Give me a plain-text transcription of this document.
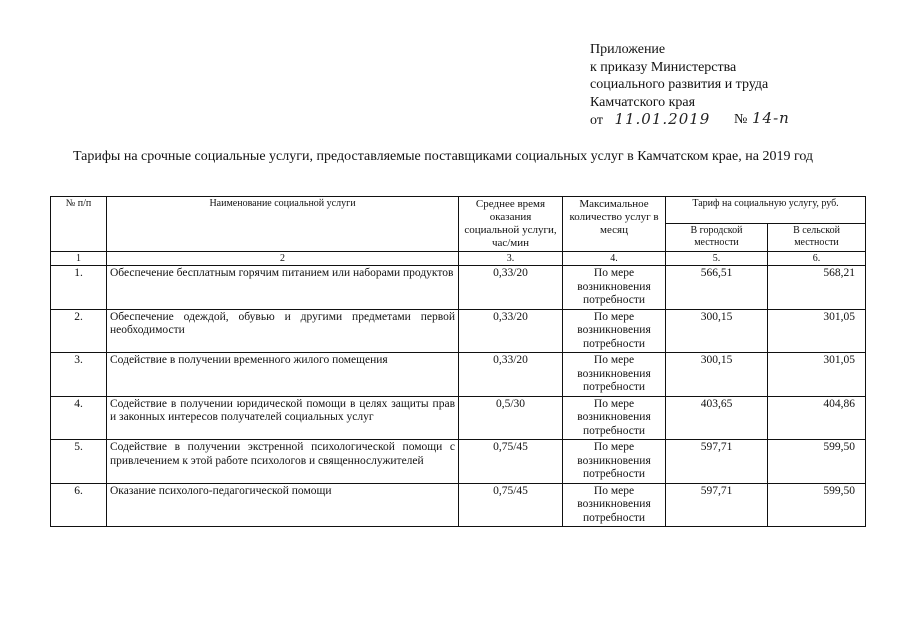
Приложение
к приказу Министерства
социального развития и труда
Камчатского края
от 11.01.2019 № 14-п
Тарифы на срочные социальные услуги, предоставляемые поставщиками социальных услуг в Камчатском крае, на 2019 год
№ п/п	Наименование социальной услуги	Среднее время оказания социальной услуги, час/мин	Максимальное количество услуг в месяц	Тариф на социальную услугу, руб.	
				В городской местности	В сельской местности
1	2	3.	4.	5.	6.
1.	Обеспечение бесплатным горячим питанием или наборами продуктов	0,33/20	По мере возникновения потребности	566,51	568,21
2.	Обеспечение одеждой, обувью и другими предметами первой необходимости	0,33/20	По мере возникновения потребности	300,15	301,05
3.	Содействие в получении временного жилого помещения	0,33/20	По мере возникновения потребности	300,15	301,05
4.	Содействие в получении юридической помощи в целях защиты прав и законных интересов получателей социальных услуг	0,5/30	По мере возникновения потребности	403,65	404,86
5.	Содействие в получении экстренной психологической помощи с привлечением к этой работе психологов и священнослужителей	0,75/45	По мере возникновения потребности	597,71	599,50
6.	Оказание психолого-педагогической помощи	0,75/45	По мере возникновения потребности	597,71	599,50
